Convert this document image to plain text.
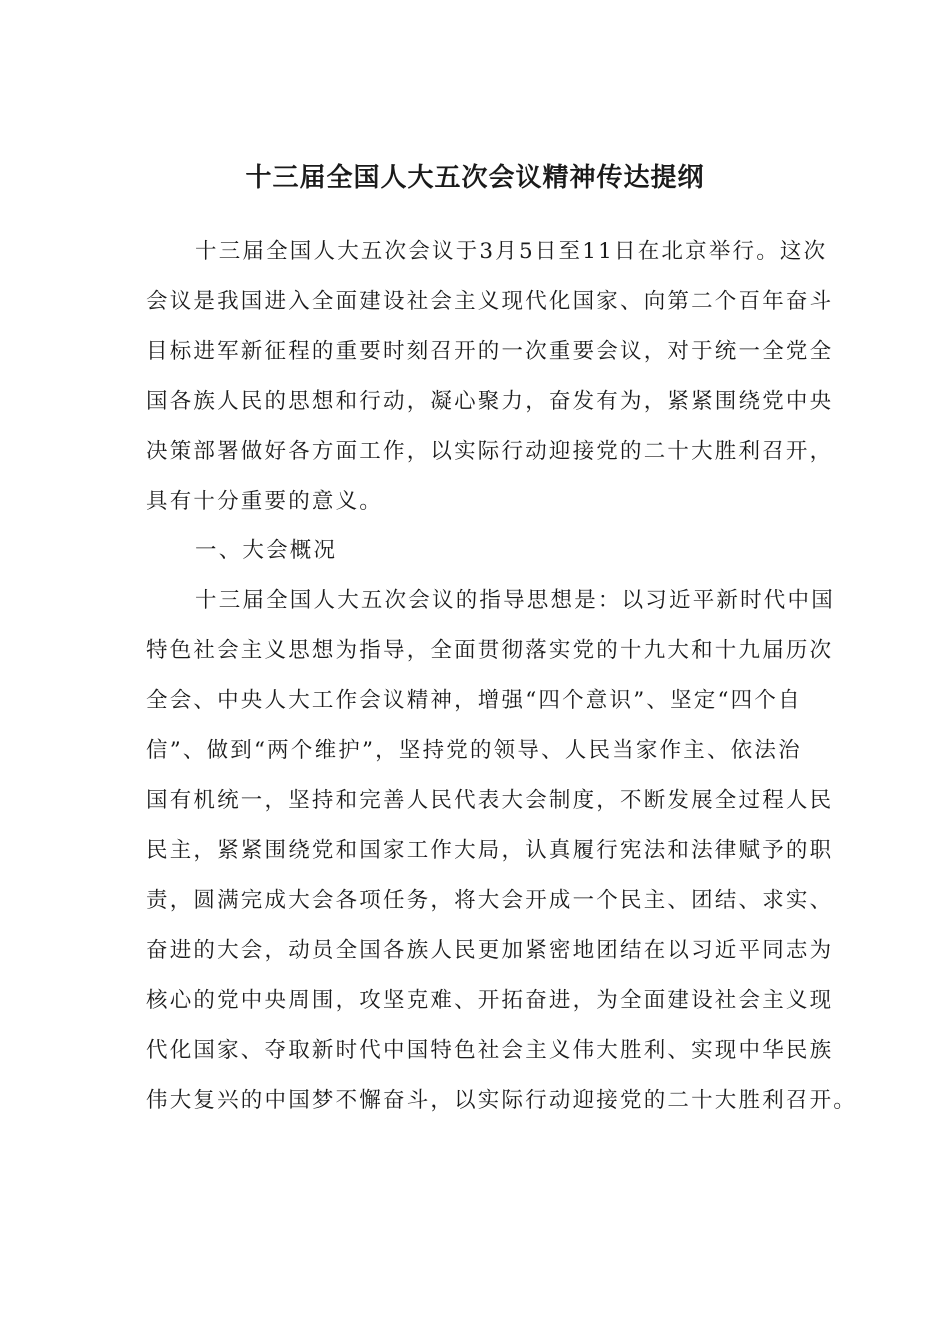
十三届全国人大五次会议精神传达提纲
十三届全国人大五次会议于3月5日至11日在北京举行。这次
会议是我国进入全面建设社会主义现代化国家、向第二个百年奋斗
目标进军新征程的重要时刻召开的一次重要会议，对于统一全党全
国各族人民的思想和行动，凝心聚力，奋发有为，紧紧围绕党中央
决策部署做好各方面工作，以实际行动迎接党的二十大胜利召开，
具有十分重要的意义。
一、大会概况
十三届全国人大五次会议的指导思想是：以习近平新时代中国
特色社会主义思想为指导，全面贯彻落实党的十九大和十九届历次
全会、中央人大工作会议精神，增强“四个意识”、坚定“四个自
信”、做到“两个维护”，坚持党的领导、人民当家作主、依法治
国有机统一，坚持和完善人民代表大会制度，不断发展全过程人民
民主，紧紧围绕党和国家工作大局，认真履行宪法和法律赋予的职
责，圆满完成大会各项任务，将大会开成一个民主、团结、求实、
奋进的大会，动员全国各族人民更加紧密地团结在以习近平同志为
核心的党中央周围，攻坚克难、开拓奋进，为全面建设社会主义现
代化国家、夺取新时代中国特色社会主义伟大胜利、实现中华民族
伟大复兴的中国梦不懈奋斗，以实际行动迎接党的二十大胜利召开。
